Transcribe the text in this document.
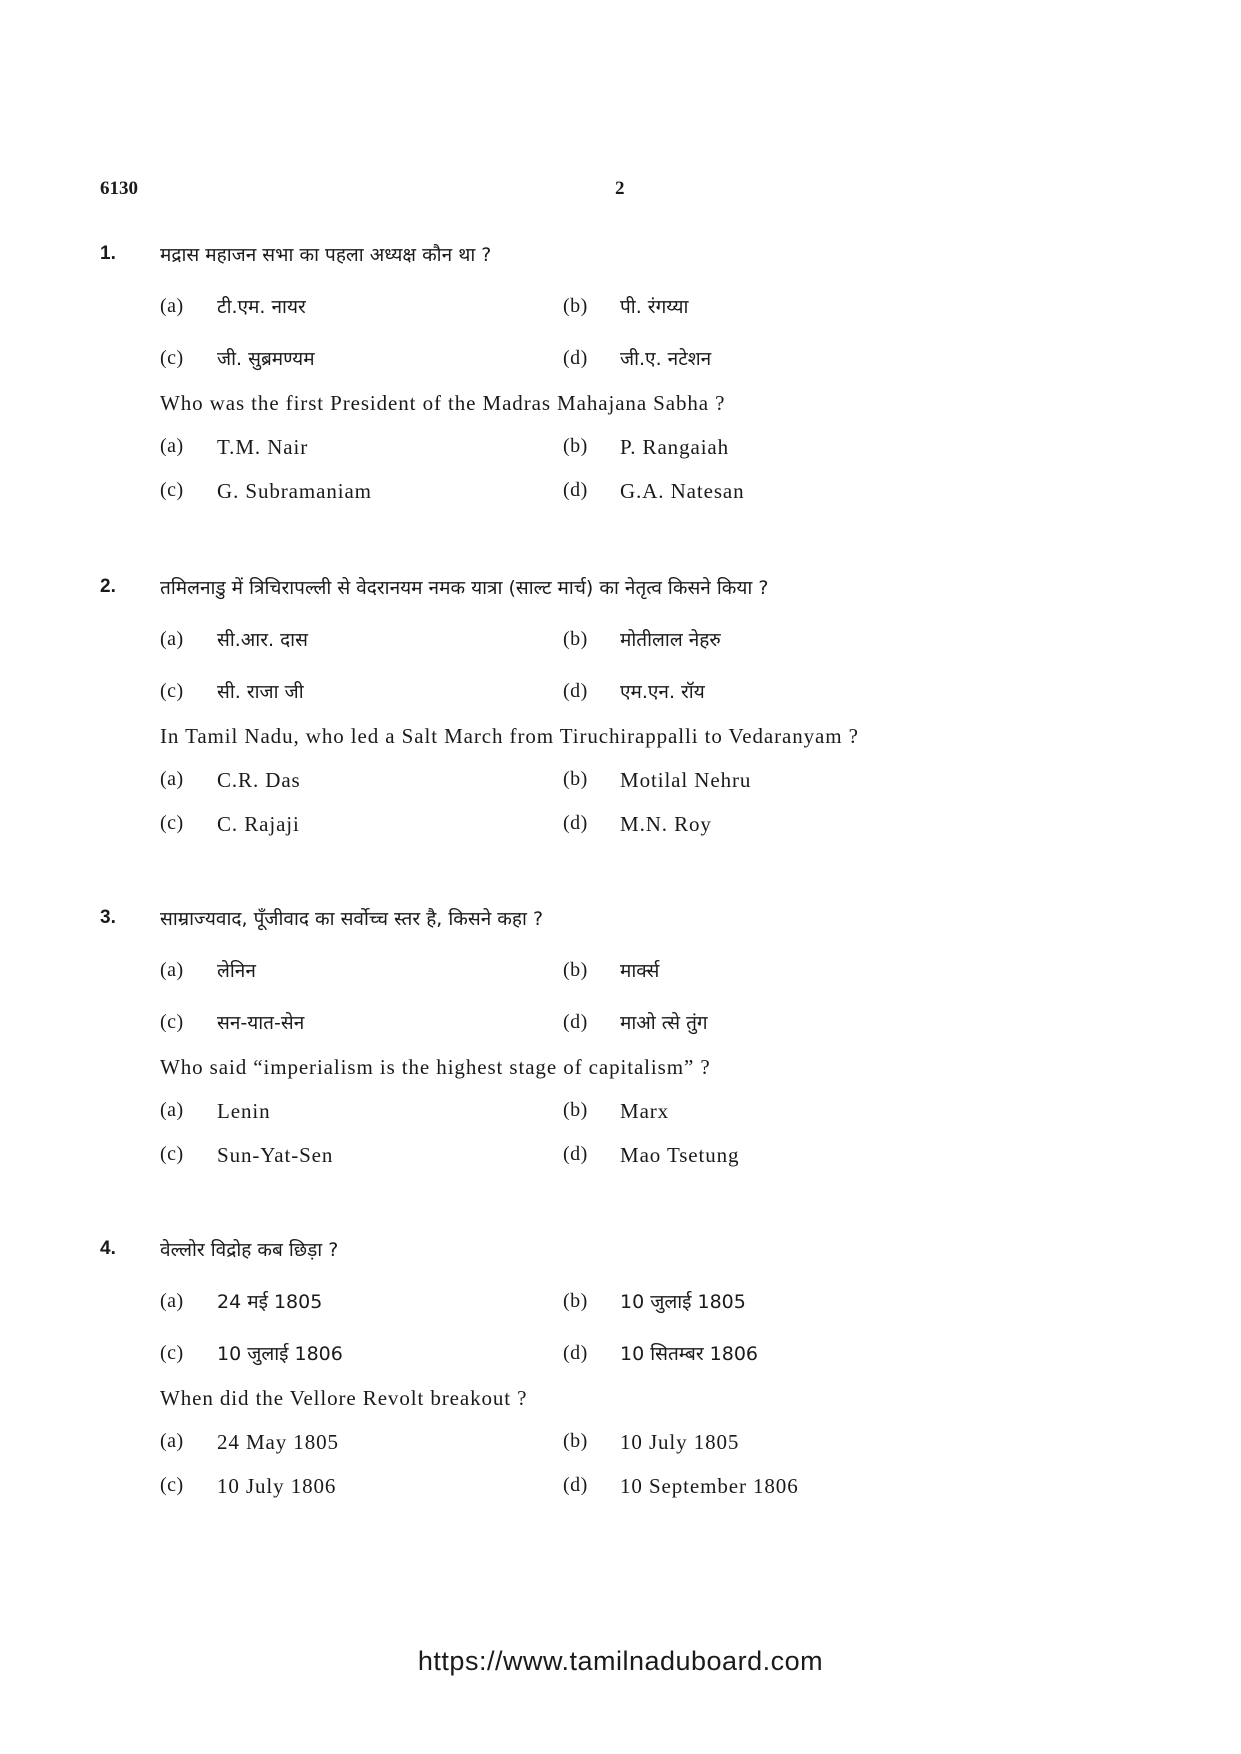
6130	2
1. मद्रास महाजन सभा का पहला अध्यक्ष कौन था ?
(a) टी.एम. नायर	(b) पी. रंगय्या
(c) जी. सुब्रमण्यम	(d) जी.ए. नटेशन
Who was the first President of the Madras Mahajana Sabha ?
(a) T.M. Nair	(b) P. Rangaiah
(c) G. Subramaniam	(d) G.A. Natesan
2. तमिलनाडु में त्रिचिरापल्ली से वेदरानयम नमक यात्रा (साल्ट मार्च) का नेतृत्व किसने किया ?
(a) सी.आर. दास	(b) मोतीलाल नेहरु
(c) सी. राजा जी	(d) एम.एन. रॉय
In Tamil Nadu, who led a Salt March from Tiruchirappalli to Vedaranyam ?
(a) C.R. Das	(b) Motilal Nehru
(c) C. Rajaji	(d) M.N. Roy
3. साम्राज्यवाद, पूँजीवाद का सर्वोच्च स्तर है, किसने कहा ?
(a) लेनिन	(b) मार्क्स
(c) सन-यात-सेन	(d) माओ त्से तुंग
Who said “imperialism is the highest stage of capitalism” ?
(a) Lenin	(b) Marx
(c) Sun-Yat-Sen	(d) Mao Tsetung
4. वेल्लोर विद्रोह कब छिड़ा ?
(a) 24 मई 1805	(b) 10 जुलाई 1805
(c) 10 जुलाई 1806	(d) 10 सितम्बर 1806
When did the Vellore Revolt breakout ?
(a) 24 May 1805	(b) 10 July 1805
(c) 10 July 1806	(d) 10 September 1806
https://www.tamilnaduboard.com
